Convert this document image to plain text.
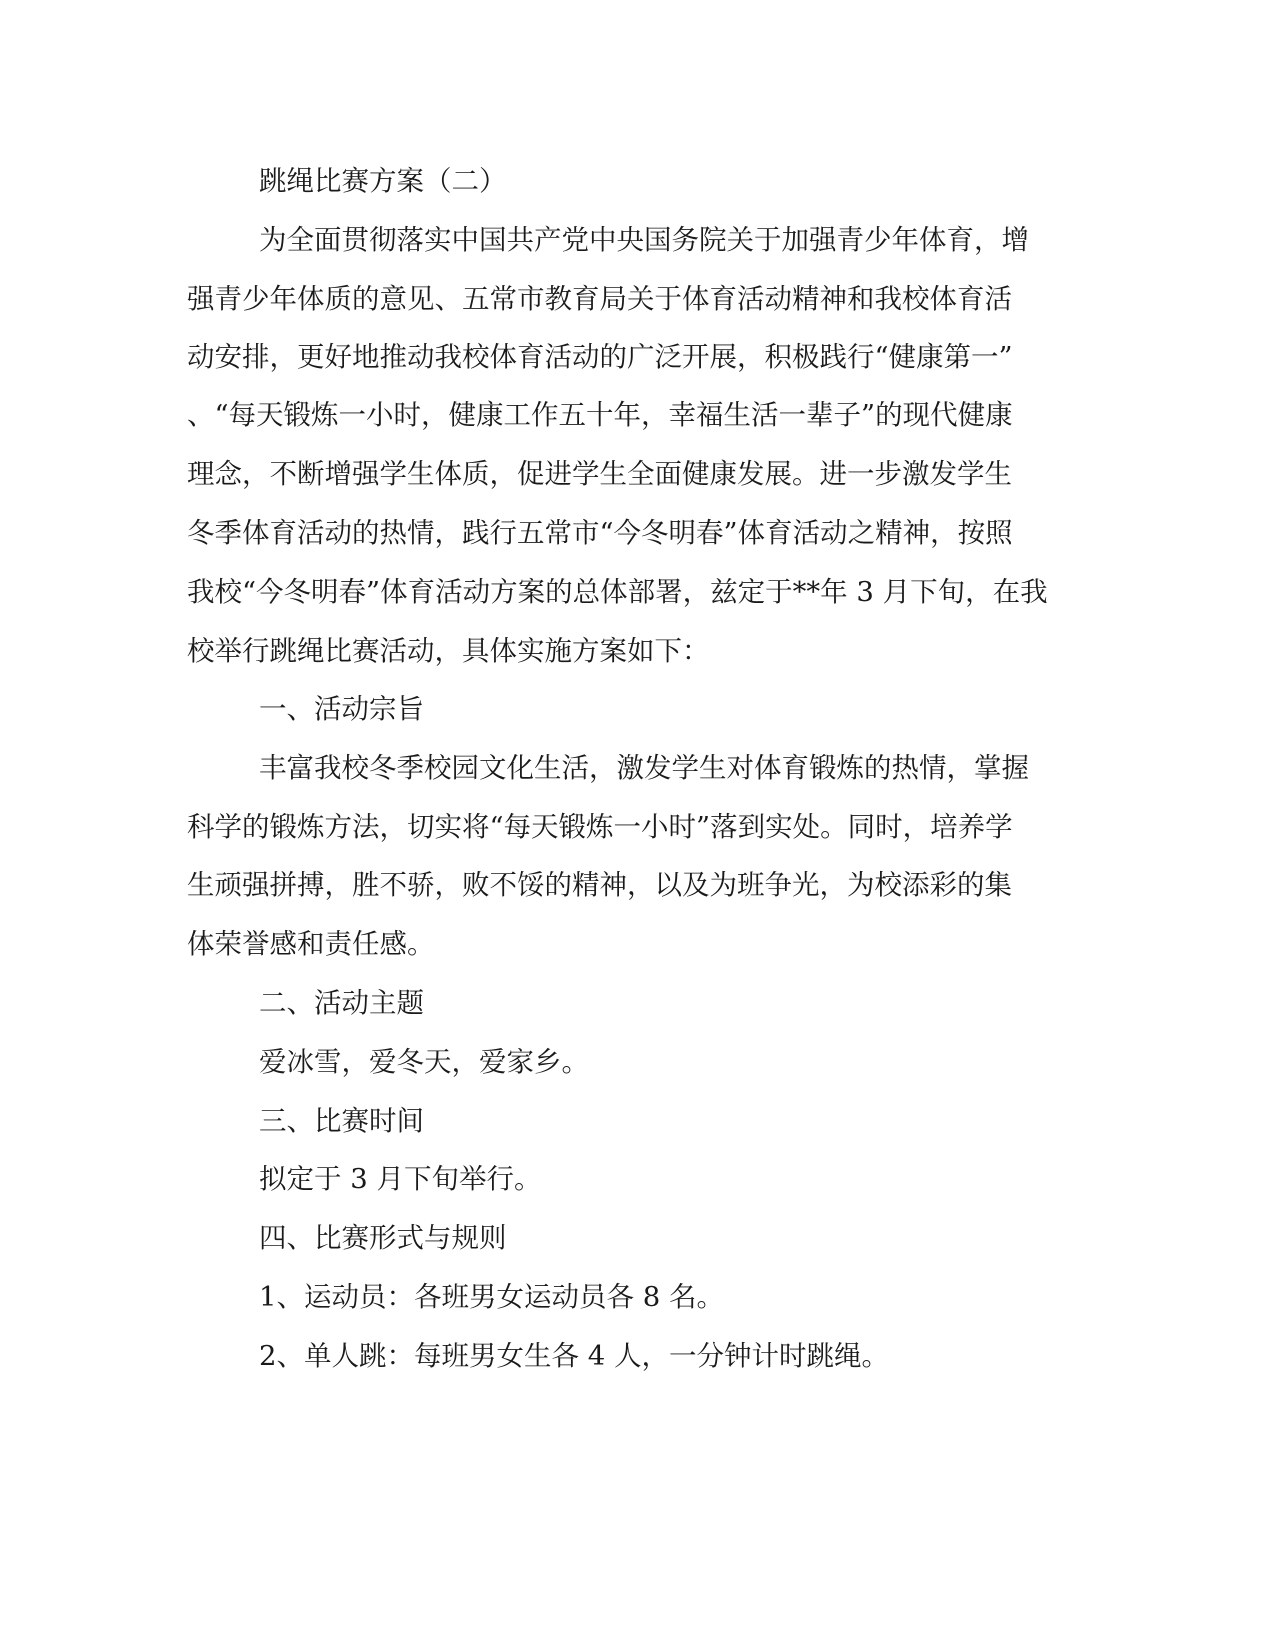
跳绳比赛方案（二）
为全面贯彻落实中国共产党中央国务院关于加强青少年体育，增
强青少年体质的意见、五常市教育局关于体育活动精神和我校体育活
动安排，更好地推动我校体育活动的广泛开展，积极践行“健康第一”
、“每天锻炼一小时，健康工作五十年，幸福生活一辈子”的现代健康
理念，不断增强学生体质，促进学生全面健康发展。进一步激发学生
冬季体育活动的热情，践行五常市“今冬明春”体育活动之精神，按照
我校“今冬明春”体育活动方案的总体部署，兹定于**年 3 月下旬，在我
校举行跳绳比赛活动，具体实施方案如下：
一、活动宗旨
丰富我校冬季校园文化生活，激发学生对体育锻炼的热情，掌握
科学的锻炼方法，切实将“每天锻炼一小时”落到实处。同时，培养学
生顽强拼搏，胜不骄，败不馁的精神，以及为班争光，为校添彩的集
体荣誉感和责任感。
二、活动主题
爱冰雪，爱冬天，爱家乡。
三、比赛时间
拟定于 3 月下旬举行。
四、比赛形式与规则
1、运动员：各班男女运动员各 8 名。
2、单人跳：每班男女生各 4 人，一分钟计时跳绳。
